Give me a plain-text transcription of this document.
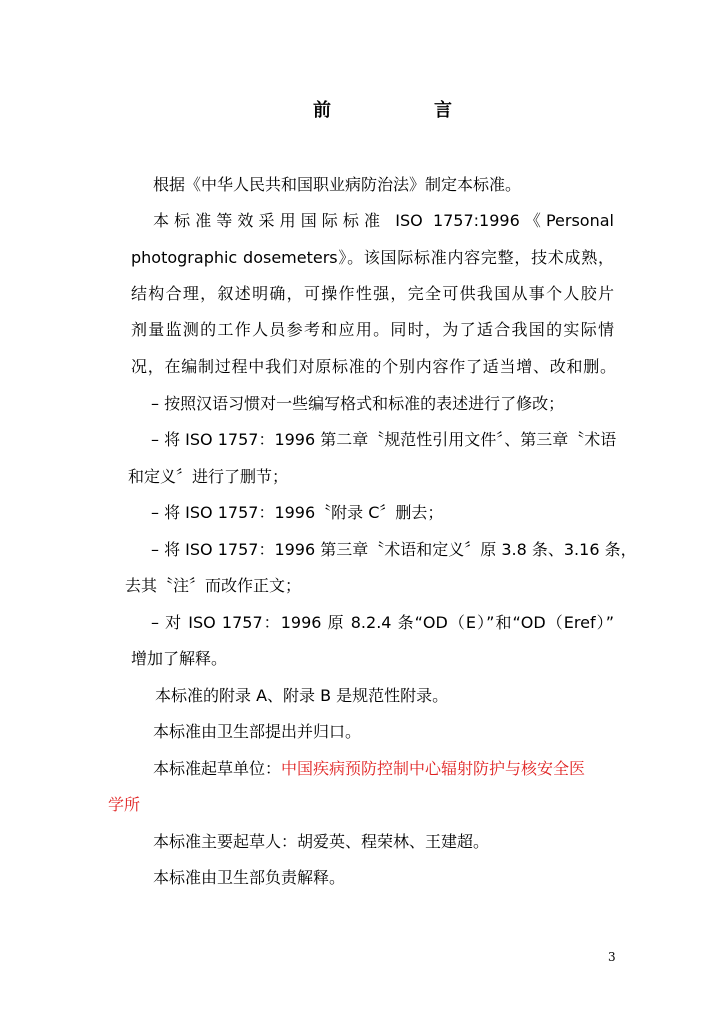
前	言

根据《中华人民共和国职业病防治法》制定本标准。

本标准等效采用国际标准 ISO 1757:1996《Personal

photographic dosemeters》。该国际标准内容完整，技术成熟，

结构合理，叙述明确，可操作性强，完全可供我国从事个人胶片

剂量监测的工作人员参考和应用。同时，为了适合我国的实际情

况，在编制过程中我们对原标准的个别内容作了适当增、改和删。

– 按照汉语习惯对一些编写格式和标准的表述进行了修改；

– 将 ISO 1757：1996 第二章〝规范性引用文件〞、第三章〝术语

和定义〞进行了删节；

– 将 ISO 1757：1996〝附录 C〞删去；

– 将 ISO 1757：1996 第三章〝术语和定义〞原 3.8 条、3.16 条，

去其〝注〞而改作正文；

– 对 ISO 1757：1996 原 8.2.4 条“OD（E）”和“OD（Eref）”

增加了解释。

本标准的附录 A、附录 B 是规范性附录。

本标准由卫生部提出并归口。

本标准起草单位：中国疾病预防控制中心辐射防护与核安全医

学所

本标准主要起草人：胡爱英、程荣林、王建超。

本标准由卫生部负责解释。

3
